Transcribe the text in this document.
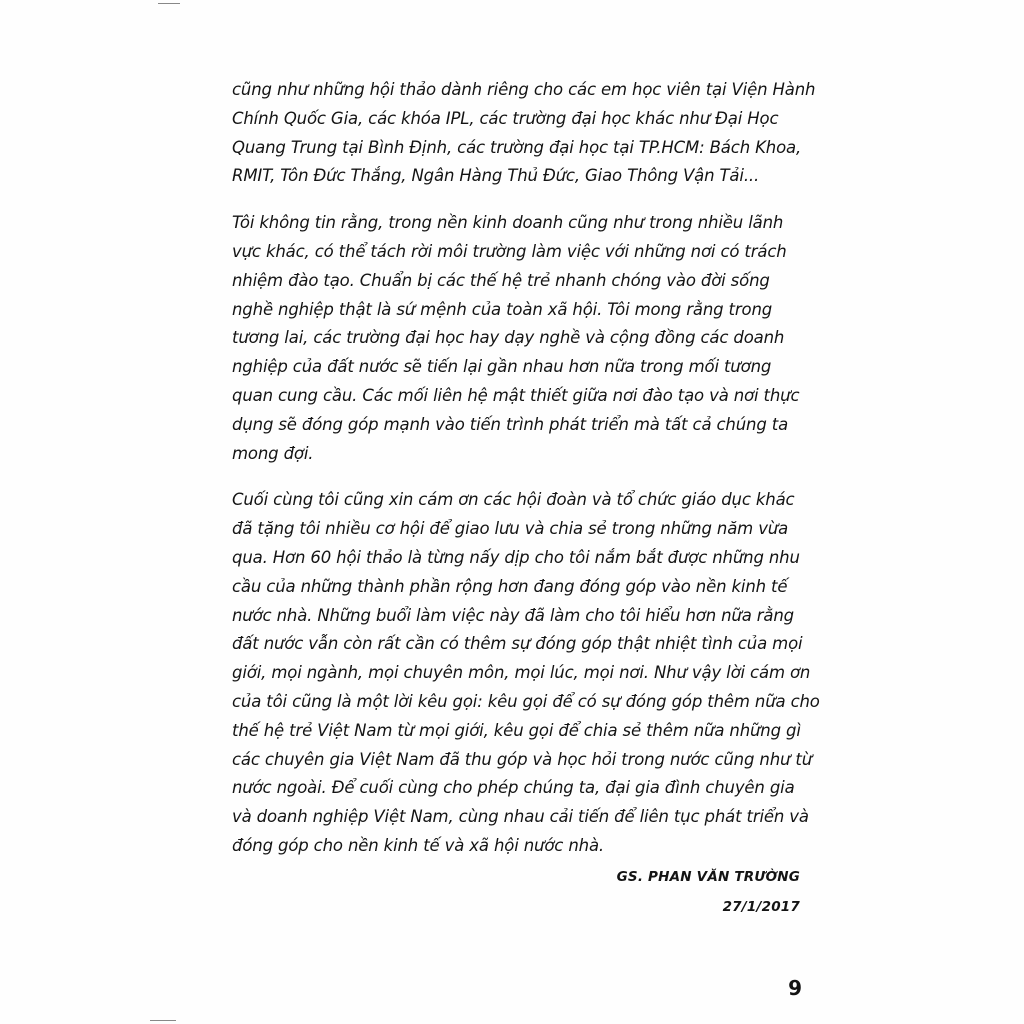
cũng như những hội thảo dành riêng cho các em học viên tại Viện Hành
Chính Quốc Gia, các khóa IPL, các trường đại học khác như Đại Học
Quang Trung tại Bình Định, các trường đại học tại TP.HCM: Bách Khoa,
RMIT, Tôn Đức Thắng, Ngân Hàng Thủ Đức, Giao Thông Vận Tải...

Tôi không tin rằng, trong nền kinh doanh cũng như trong nhiều lãnh
vực khác, có thể tách rời môi trường làm việc với những nơi có trách
nhiệm đào tạo. Chuẩn bị các thế hệ trẻ nhanh chóng vào đời sống
nghề nghiệp thật là sứ mệnh của toàn xã hội. Tôi mong rằng trong
tương lai, các trường đại học hay dạy nghề và cộng đồng các doanh
nghiệp của đất nước sẽ tiến lại gần nhau hơn nữa trong mối tương
quan cung cầu. Các mối liên hệ mật thiết giữa nơi đào tạo và nơi thực
dụng sẽ đóng góp mạnh vào tiến trình phát triển mà tất cả chúng ta
mong đợi.

Cuối cùng tôi cũng xin cám ơn các hội đoàn và tổ chức giáo dục khác
đã tặng tôi nhiều cơ hội để giao lưu và chia sẻ trong những năm vừa
qua. Hơn 60 hội thảo là từng nấy dịp cho tôi nắm bắt được những nhu
cầu của những thành phần rộng hơn đang đóng góp vào nền kinh tế
nước nhà. Những buổi làm việc này đã làm cho tôi hiểu hơn nữa rằng
đất nước vẫn còn rất cần có thêm sự đóng góp thật nhiệt tình của mọi
giới, mọi ngành, mọi chuyên môn, mọi lúc, mọi nơi. Như vậy lời cám ơn
của tôi cũng là một lời kêu gọi: kêu gọi để có sự đóng góp thêm nữa cho
thế hệ trẻ Việt Nam từ mọi giới, kêu gọi để chia sẻ thêm nữa những gì
các chuyên gia Việt Nam đã thu góp và học hỏi trong nước cũng như từ
nước ngoài. Để cuối cùng cho phép chúng ta, đại gia đình chuyên gia
và doanh nghiệp Việt Nam, cùng nhau cải tiến để liên tục phát triển và
đóng góp cho nền kinh tế và xã hội nước nhà.

GS. PHAN VĂN TRƯỜNG
27/1/2017
9
